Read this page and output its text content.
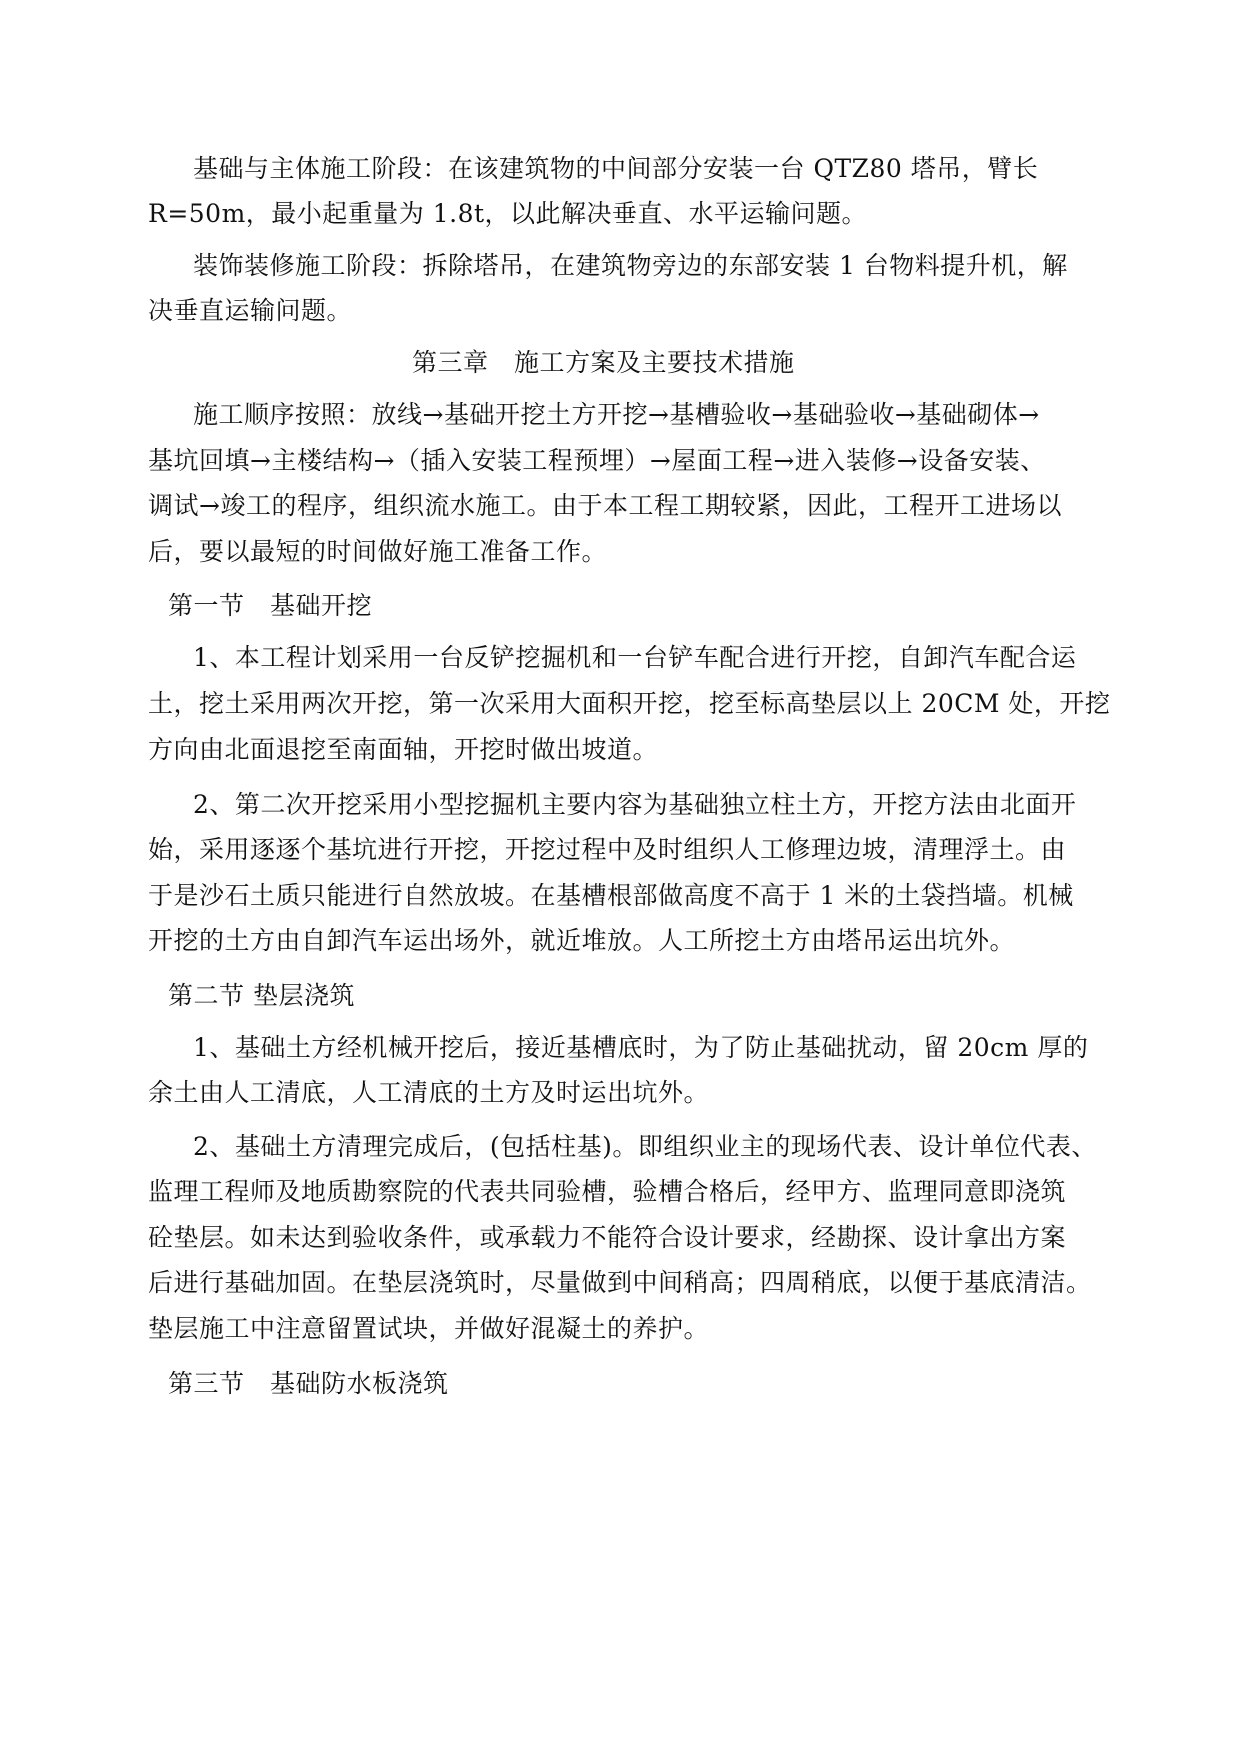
基础与主体施工阶段：在该建筑物的中间部分安装一台 QTZ80 塔吊，臂长
R=50m，最小起重量为 1.8t，以此解决垂直、水平运输问题。
装饰装修施工阶段：拆除塔吊，在建筑物旁边的东部安装 1 台物料提升机，解
决垂直运输问题。
第三章　施工方案及主要技术措施
施工顺序按照：放线→基础开挖土方开挖→基槽验收→基础验收→基础砌体→
基坑回填→主楼结构→（插入安装工程预埋）→屋面工程→进入装修→设备安装、
调试→竣工的程序，组织流水施工。由于本工程工期较紧，因此，工程开工进场以
后，要以最短的时间做好施工准备工作。
第一节　基础开挖
1、本工程计划采用一台反铲挖掘机和一台铲车配合进行开挖，自卸汽车配合运
土，挖土采用两次开挖，第一次采用大面积开挖，挖至标高垫层以上 20CM 处，开挖
方向由北面退挖至南面轴，开挖时做出坡道。
2、第二次开挖采用小型挖掘机主要内容为基础独立柱土方，开挖方法由北面开
始，采用逐逐个基坑进行开挖，开挖过程中及时组织人工修理边坡，清理浮土。由
于是沙石土质只能进行自然放坡。在基槽根部做高度不高于 1 米的土袋挡墙。机械
开挖的土方由自卸汽车运出场外，就近堆放。人工所挖土方由塔吊运出坑外。
第二节 垫层浇筑
1、基础土方经机械开挖后，接近基槽底时，为了防止基础扰动，留 20cm 厚的
余土由人工清底，人工清底的土方及时运出坑外。
2、基础土方清理完成后，(包括柱基)。即组织业主的现场代表、设计单位代表、
监理工程师及地质勘察院的代表共同验槽，验槽合格后，经甲方、监理同意即浇筑
砼垫层。如未达到验收条件，或承载力不能符合设计要求，经勘探、设计拿出方案
后进行基础加固。在垫层浇筑时，尽量做到中间稍高；四周稍底，以便于基底清洁。
垫层施工中注意留置试块，并做好混凝土的养护。
第三节　基础防水板浇筑
